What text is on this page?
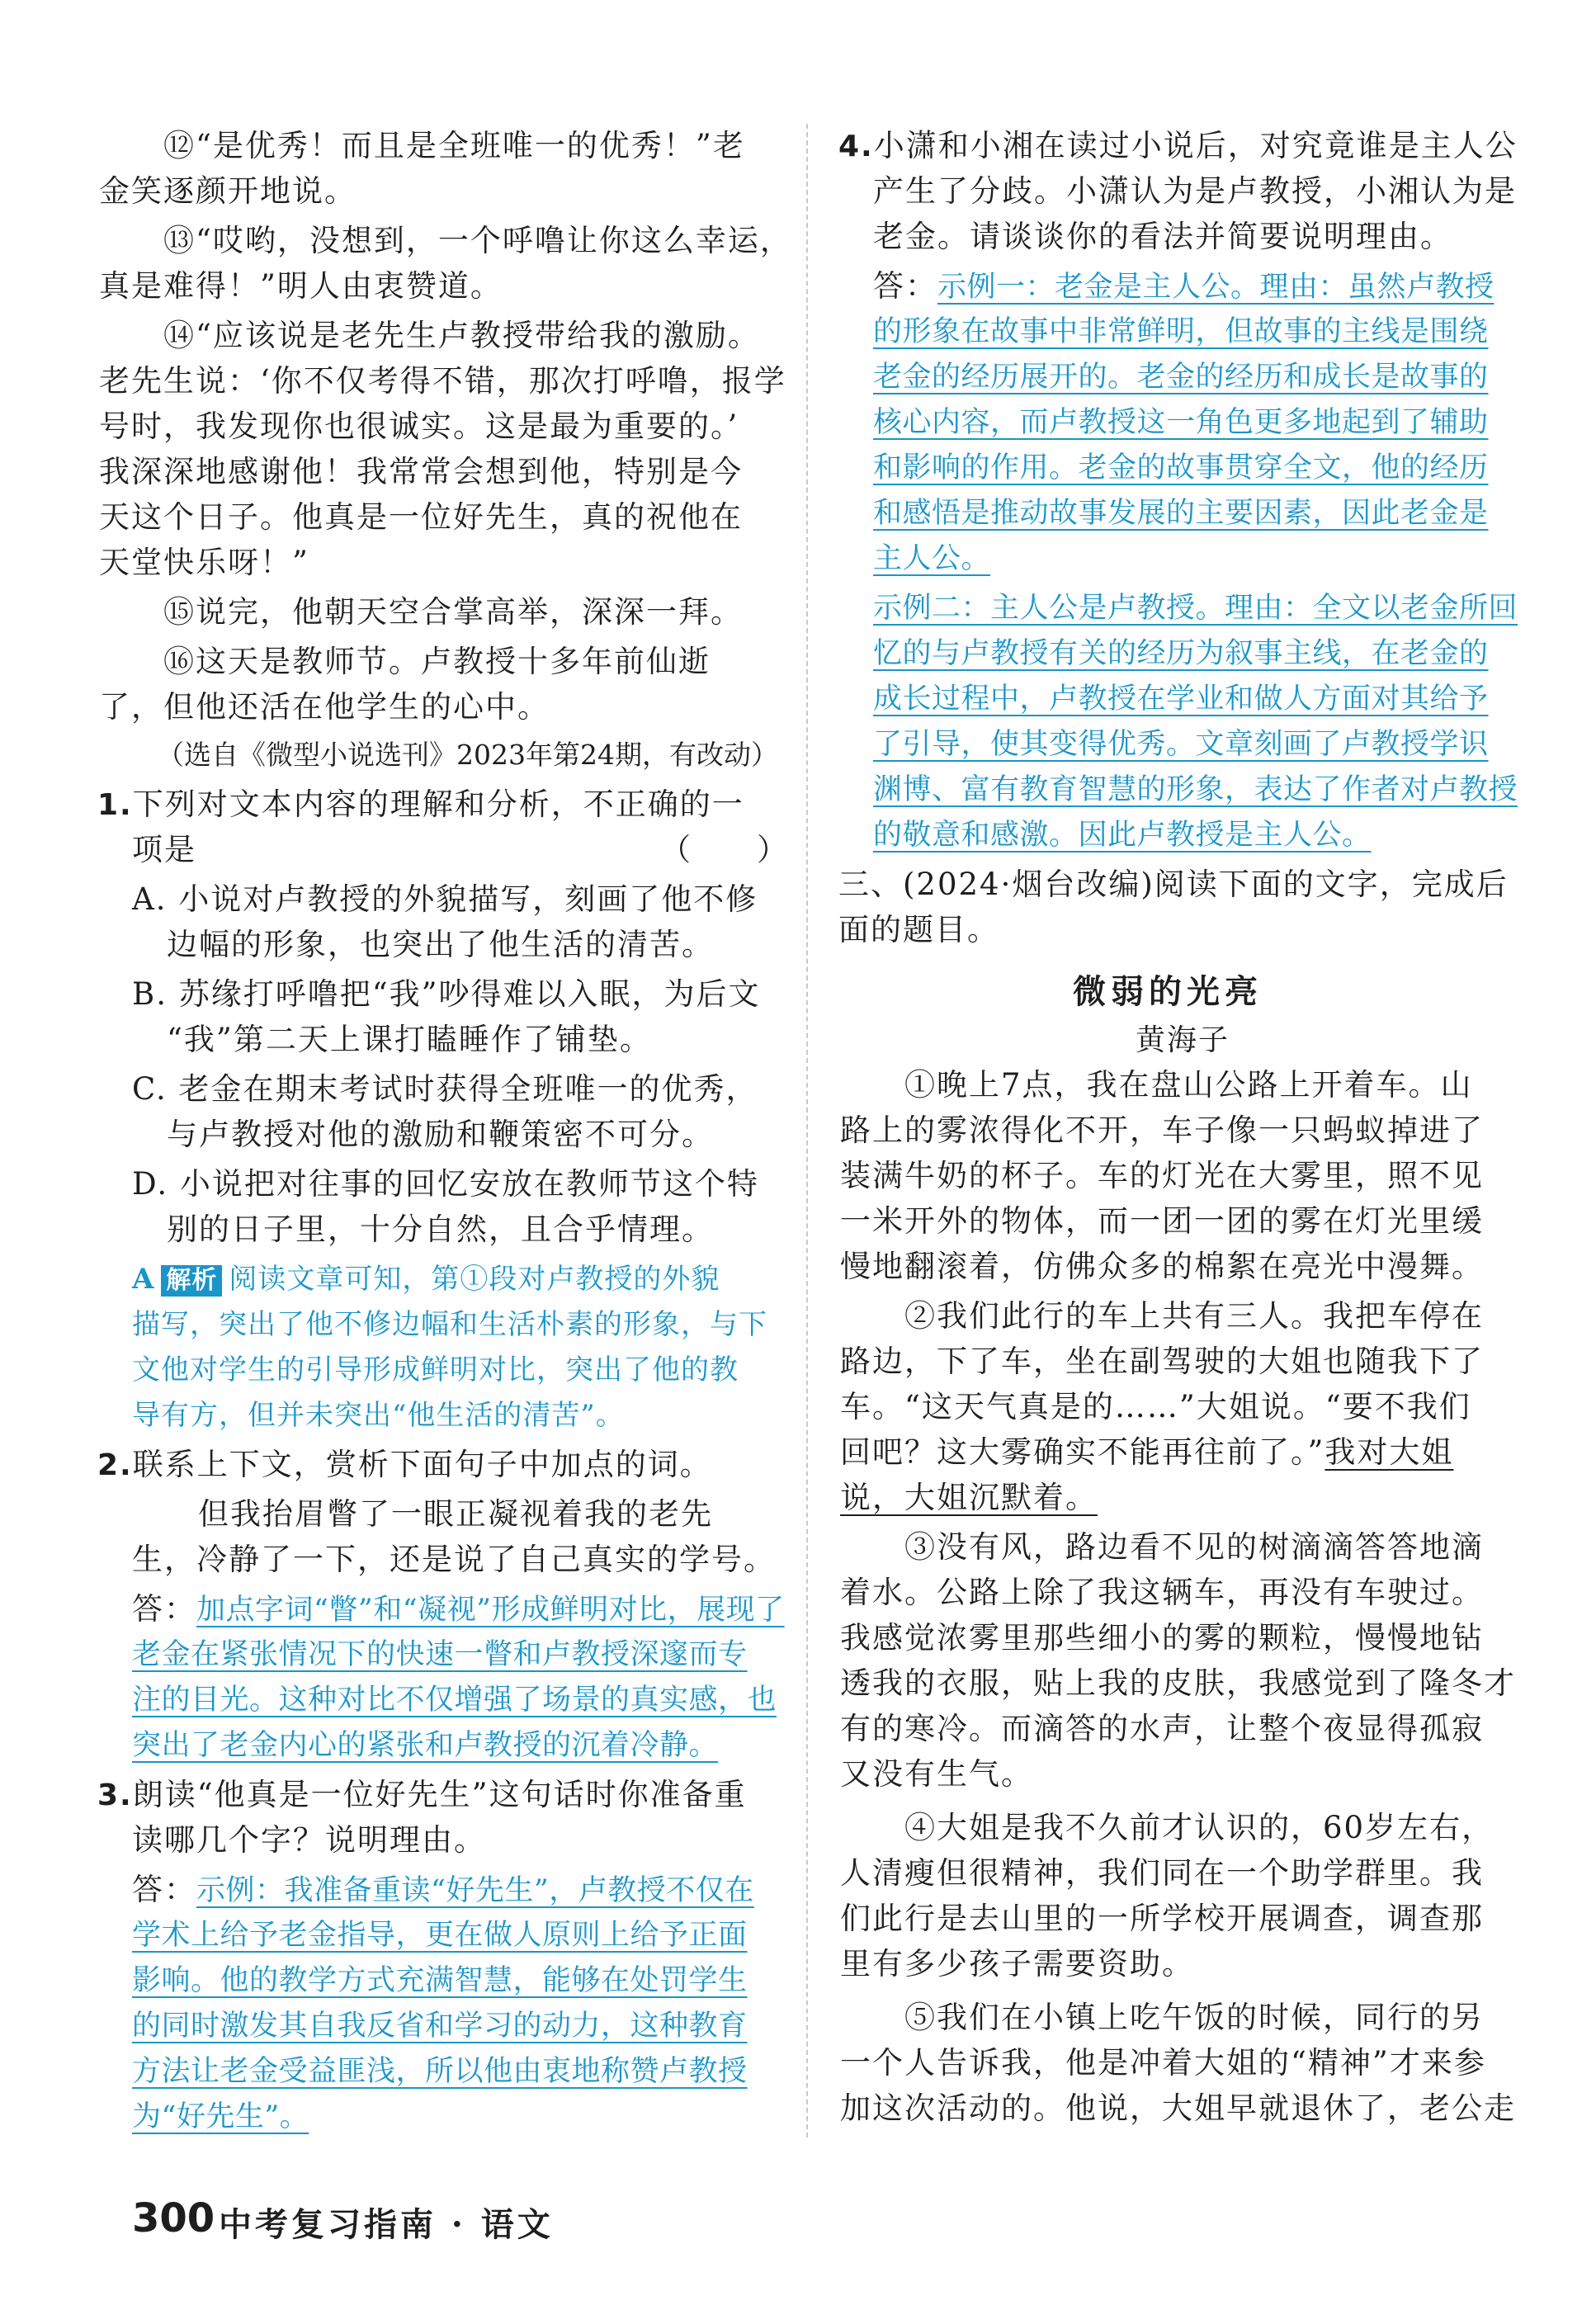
⑫“是优秀！而且是全班唯一的优秀！”老
金笑逐颜开地说。
⑬“哎哟，没想到，一个呼噜让你这么幸运，
真是难得！”明人由衷赞道。
⑭“应该说是老先生卢教授带给我的激励。
老先生说：‘你不仅考得不错，那次打呼噜，报学
号时，我发现你也很诚实。这是最为重要的。’
我深深地感谢他！我常常会想到他，特别是今
天这个日子。他真是一位好先生，真的祝他在
天堂快乐呀！”
⑮说完，他朝天空合掌高举，深深一拜。
⑯这天是教师节。卢教授十多年前仙逝
了，但他还活在他学生的心中。
（选自《微型小说选刊》2023年第24期，有改动）
1.下列对文本内容的理解和分析，不正确的一
项是	（　　）
A. 小说对卢教授的外貌描写，刻画了他不修
边幅的形象，也突出了他生活的清苦。
B. 苏缘打呼噜把“我”吵得难以入眠，为后文
“我”第二天上课打瞌睡作了铺垫。
C. 老金在期末考试时获得全班唯一的优秀，
与卢教授对他的激励和鞭策密不可分。
D. 小说把对往事的回忆安放在教师节这个特
别的日子里，十分自然，且合乎情理。
A 解析 阅读文章可知，第①段对卢教授的外貌
描写，突出了他不修边幅和生活朴素的形象，与下
文他对学生的引导形成鲜明对比，突出了他的教
导有方，但并未突出“他生活的清苦”。
2.联系上下文，赏析下面句子中加点的词。
但我抬眉瞥了一眼正凝视着我的老先
生，冷静了一下，还是说了自己真实的学号。
答：加点字词“瞥”和“凝视”形成鲜明对比，展现了
老金在紧张情况下的快速一瞥和卢教授深邃而专
注的目光。这种对比不仅增强了场景的真实感，也
突出了老金内心的紧张和卢教授的沉着冷静。
3.朗读“他真是一位好先生”这句话时你准备重
读哪几个字？说明理由。
答：示例：我准备重读“好先生”，卢教授不仅在
学术上给予老金指导，更在做人原则上给予正面
影响。他的教学方式充满智慧，能够在处罚学生
的同时激发其自我反省和学习的动力，这种教育
方法让老金受益匪浅，所以他由衷地称赞卢教授
为“好先生”。
4.小潇和小湘在读过小说后，对究竟谁是主人公
产生了分歧。小潇认为是卢教授，小湘认为是
老金。请谈谈你的看法并简要说明理由。
答：示例一：老金是主人公。理由：虽然卢教授
的形象在故事中非常鲜明，但故事的主线是围绕
老金的经历展开的。老金的经历和成长是故事的
核心内容，而卢教授这一角色更多地起到了辅助
和影响的作用。老金的故事贯穿全文，他的经历
和感悟是推动故事发展的主要因素，因此老金是
主人公。
示例二：主人公是卢教授。理由：全文以老金所回
忆的与卢教授有关的经历为叙事主线，在老金的
成长过程中，卢教授在学业和做人方面对其给予
了引导，使其变得优秀。文章刻画了卢教授学识
渊博、富有教育智慧的形象，表达了作者对卢教授
的敬意和感激。因此卢教授是主人公。
三、(2024·烟台改编)阅读下面的文字，完成后
面的题目。
微弱的光亮
黄海子
①晚上7点，我在盘山公路上开着车。山
路上的雾浓得化不开，车子像一只蚂蚁掉进了
装满牛奶的杯子。车的灯光在大雾里，照不见
一米开外的物体，而一团一团的雾在灯光里缓
慢地翻滚着，仿佛众多的棉絮在亮光中漫舞。
②我们此行的车上共有三人。我把车停在
路边，下了车，坐在副驾驶的大姐也随我下了
车。“这天气真是的……”大姐说。“要不我们
回吧？这大雾确实不能再往前了。”我对大姐
说，大姐沉默着。
③没有风，路边看不见的树滴滴答答地滴
着水。公路上除了我这辆车，再没有车驶过。
我感觉浓雾里那些细小的雾的颗粒，慢慢地钻
透我的衣服，贴上我的皮肤，我感觉到了隆冬才
有的寒冷。而滴答的水声，让整个夜显得孤寂
又没有生气。
④大姐是我不久前才认识的，60岁左右，
人清瘦但很精神，我们同在一个助学群里。我
们此行是去山里的一所学校开展调查，调查那
里有多少孩子需要资助。
⑤我们在小镇上吃午饭的时候，同行的另
一个人告诉我，他是冲着大姐的“精神”才来参
加这次活动的。他说，大姐早就退休了，老公走
300 中考复习指南 · 语文
